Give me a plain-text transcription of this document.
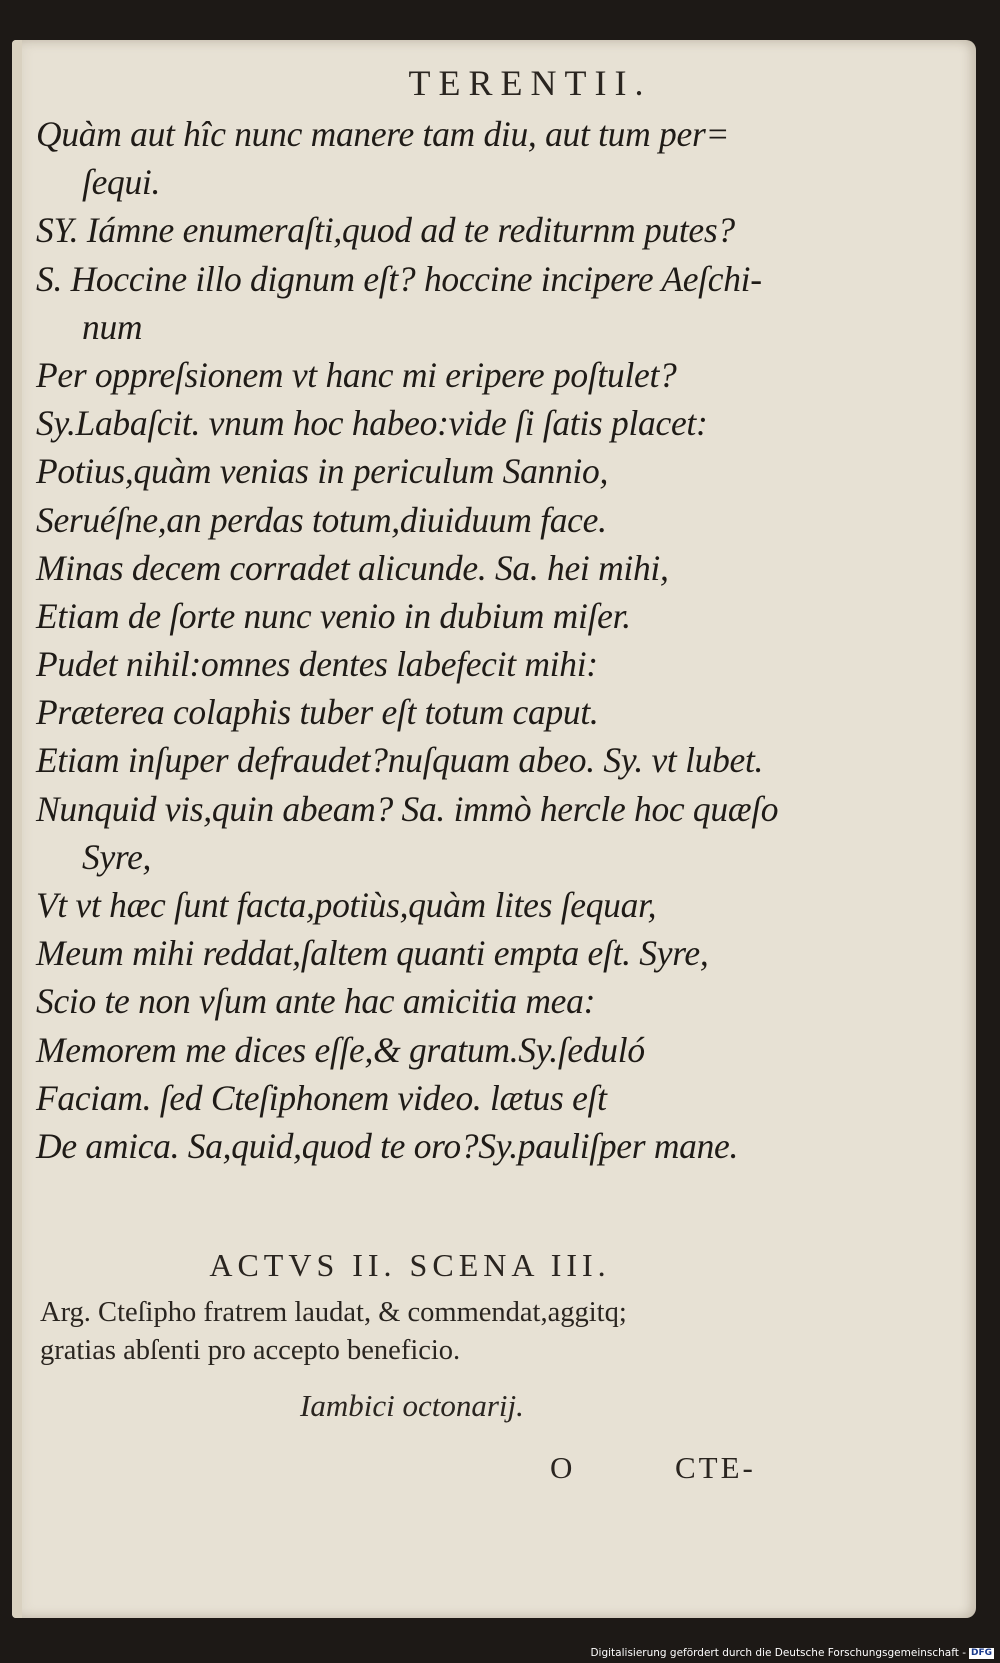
TERENTII.
Quàm aut hîc nunc manere tam diu, aut tum per=
ſequi.
SY. Iámne enumeraſti,quod ad te rediturnm putes?
S. Hoccine illo dignum eſt? hoccine incipere Aeſchi-
num
Per oppreſsionem vt hanc mi eripere poſtulet?
Sy.Labaſcit. vnum hoc habeo:vide ſi ſatis placet:
Potius,quàm venias in periculum Sannio,
Seruéſne,an perdas totum,diuiduum face.
Minas decem corradet alicunde. Sa. hei mihi,
Etiam de ſorte nunc venio in dubium miſer.
Pudet nihil:omnes dentes labefecit mihi:
Præterea colaphis tuber eſt totum caput.
Etiam inſuper defraudet?nuſquam abeo. Sy. vt lubet.
Nunquid vis,quin abeam? Sa. immò hercle hoc quæſo
Syre,
Vt vt hæc ſunt facta,potiùs,quàm lites ſequar,
Meum mihi reddat,ſaltem quanti empta eſt. Syre,
Scio te non vſum ante hac amicitia mea:
Memorem me dices eſſe,& gratum.Sy.ſeduló
Faciam. ſed Cteſiphonem video. lætus eſt
De amica. Sa,quid,quod te oro?Sy.pauliſper mane.
ACTVS II. SCENA III.
Arg. Cteſipho fratrem laudat, & commendat,aggitq;
gratias abſenti pro accepto beneficio.
Iambici octonarij.
O	CTE-
Digitalisierung gefördert durch die Deutsche Forschungsgemeinschaft - DFG
